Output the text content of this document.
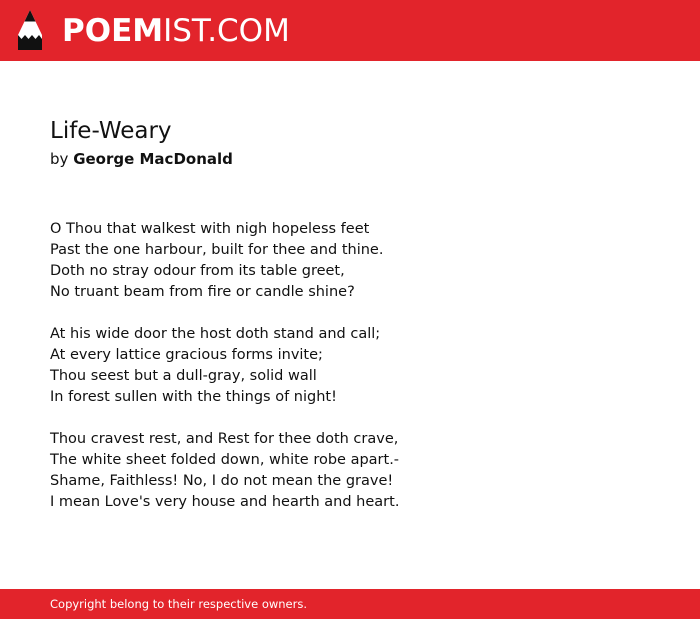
POEMIST.COM
Life-Weary
by George MacDonald
O Thou that walkest with nigh hopeless feet
Past the one harbour, built for thee and thine.
Doth no stray odour from its table greet,
No truant beam from fire or candle shine?
At his wide door the host doth stand and call;
At every lattice gracious forms invite;
Thou seest but a dull-gray, solid wall
In forest sullen with the things of night!
Thou cravest rest, and Rest for thee doth crave,
The white sheet folded down, white robe apart.-
Shame, Faithless! No, I do not mean the grave!
I mean Love's very house and hearth and heart.
Copyright belong to their respective owners.
